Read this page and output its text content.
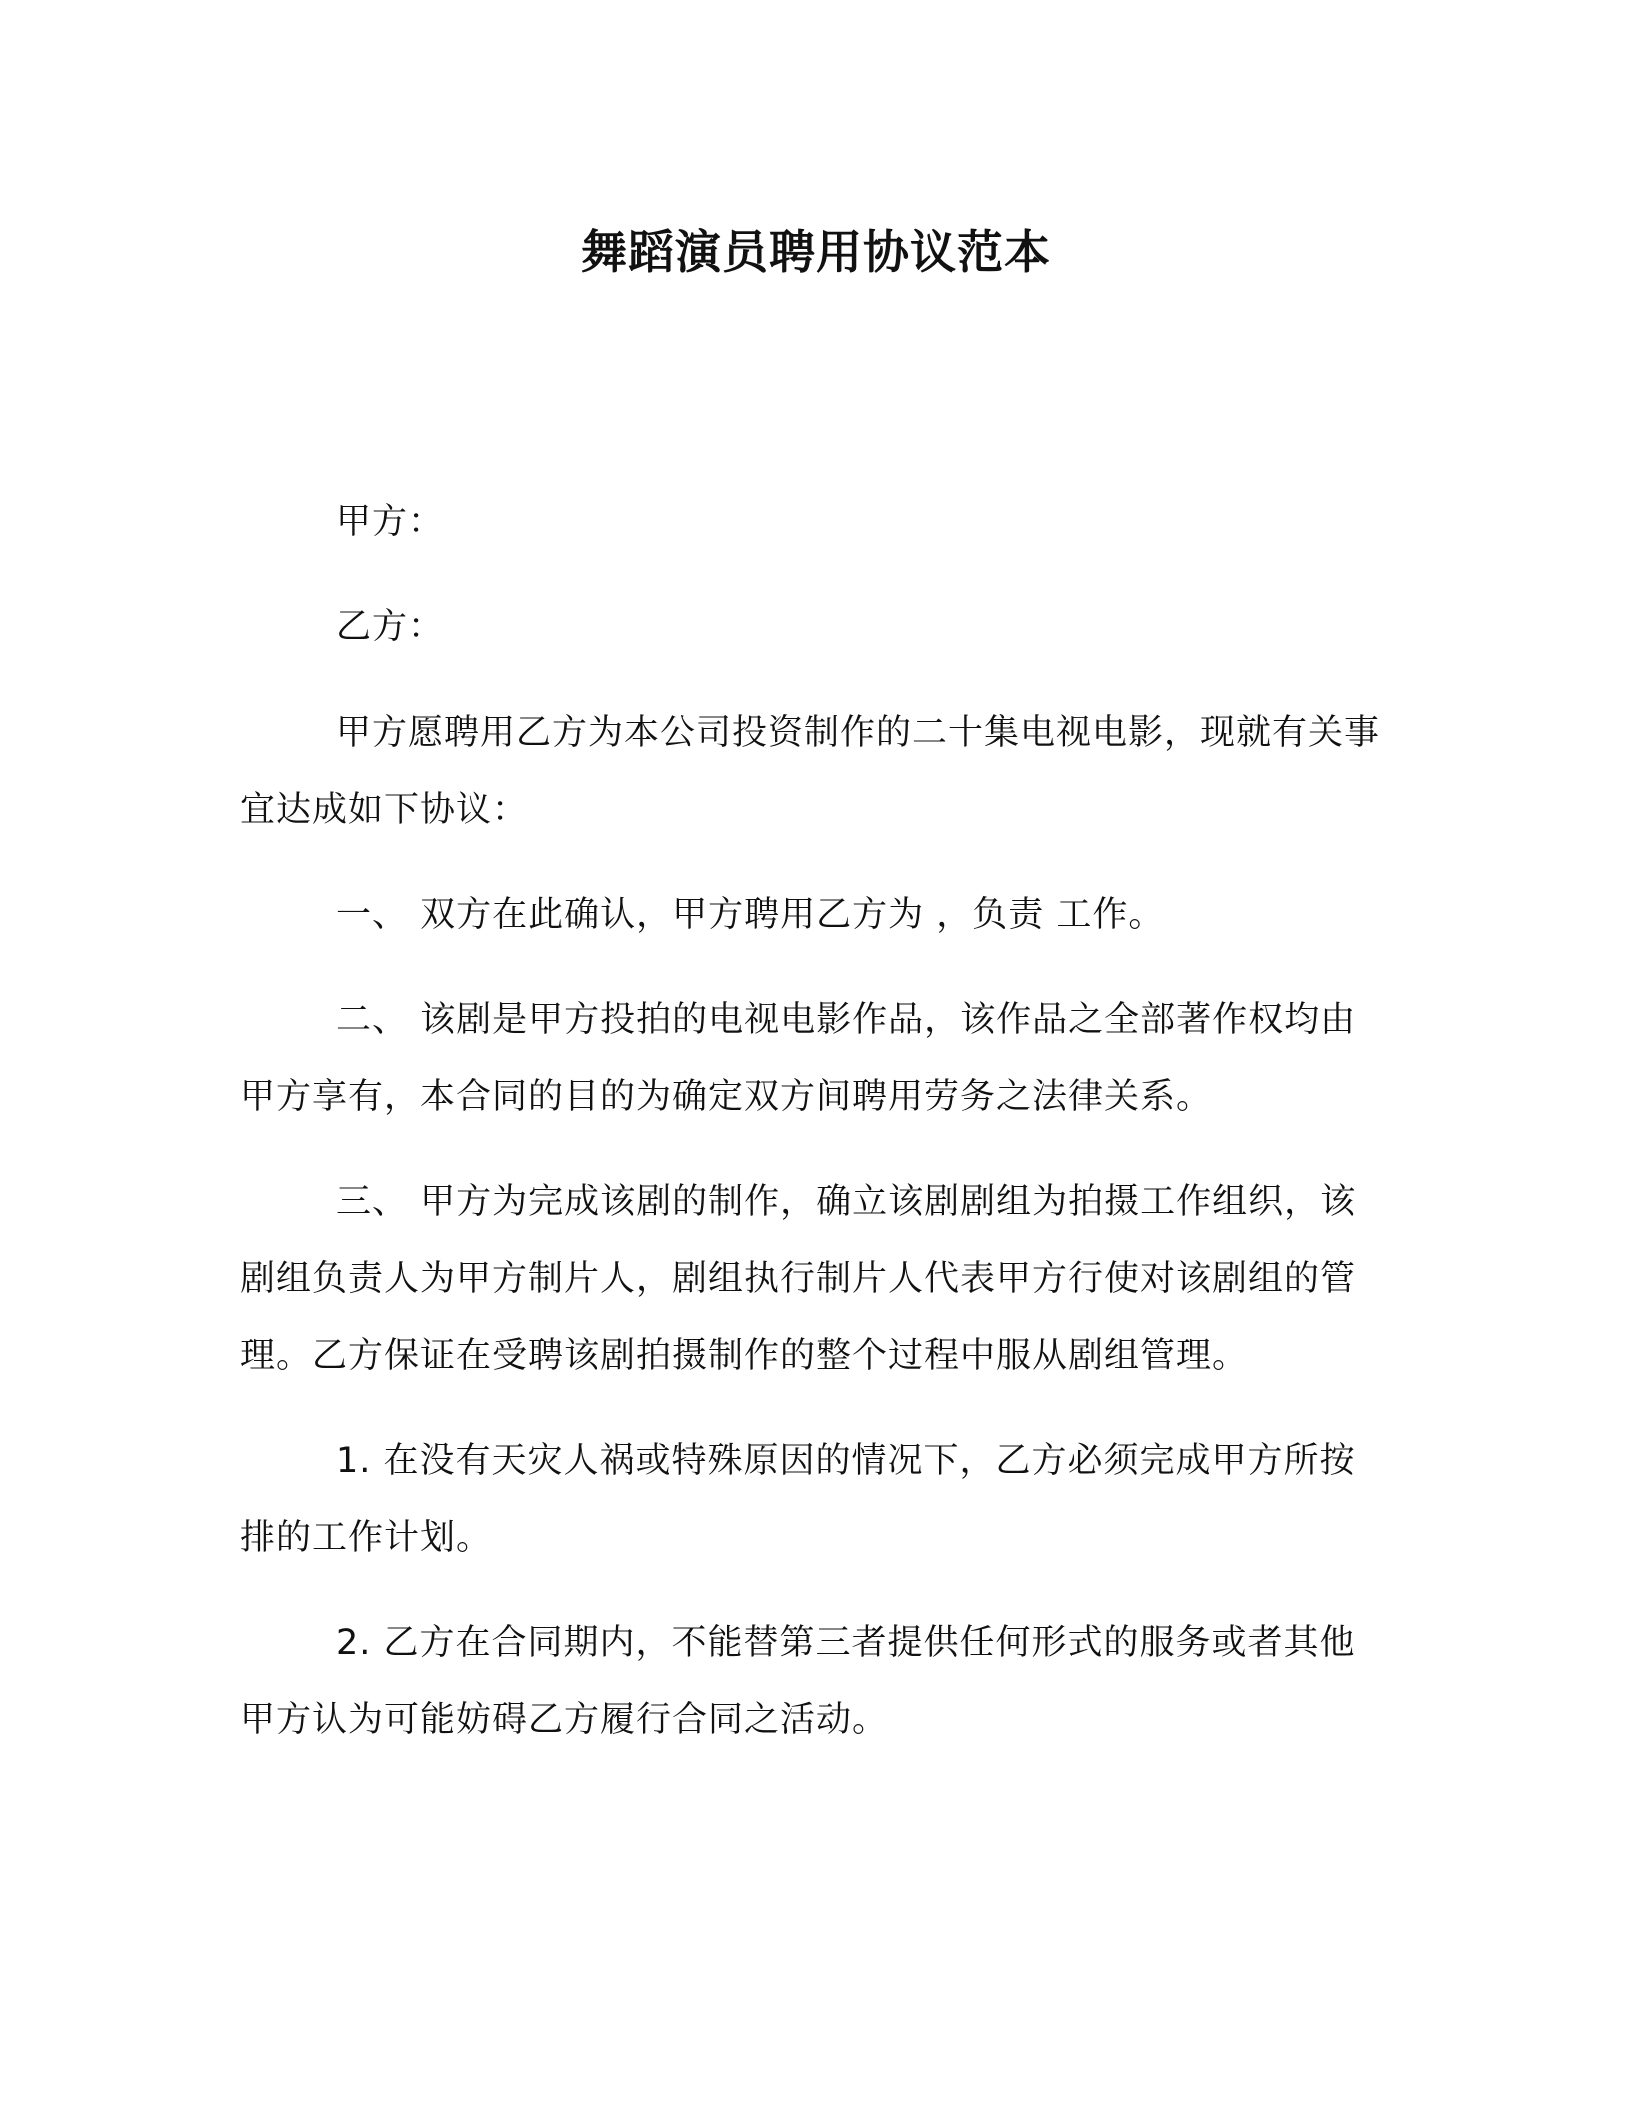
舞蹈演员聘用协议范本

甲方：

乙方：

甲方愿聘用乙方为本公司投资制作的二十集电视电影，现就有关事宜达成如下协议：

一、 双方在此确认，甲方聘用乙方为 ，负责 工作。

二、 该剧是甲方投拍的电视电影作品，该作品之全部著作权均由甲方享有，本合同的目的为确定双方间聘用劳务之法律关系。

三、 甲方为完成该剧的制作，确立该剧剧组为拍摄工作组织，该剧组负责人为甲方制片人，剧组执行制片人代表甲方行使对该剧组的管理。乙方保证在受聘该剧拍摄制作的整个过程中服从剧组管理。

1. 在没有天灾人祸或特殊原因的情况下，乙方必须完成甲方所按排的工作计划。

2. 乙方在合同期内，不能替第三者提供任何形式的服务或者其他甲方认为可能妨碍乙方履行合同之活动。
